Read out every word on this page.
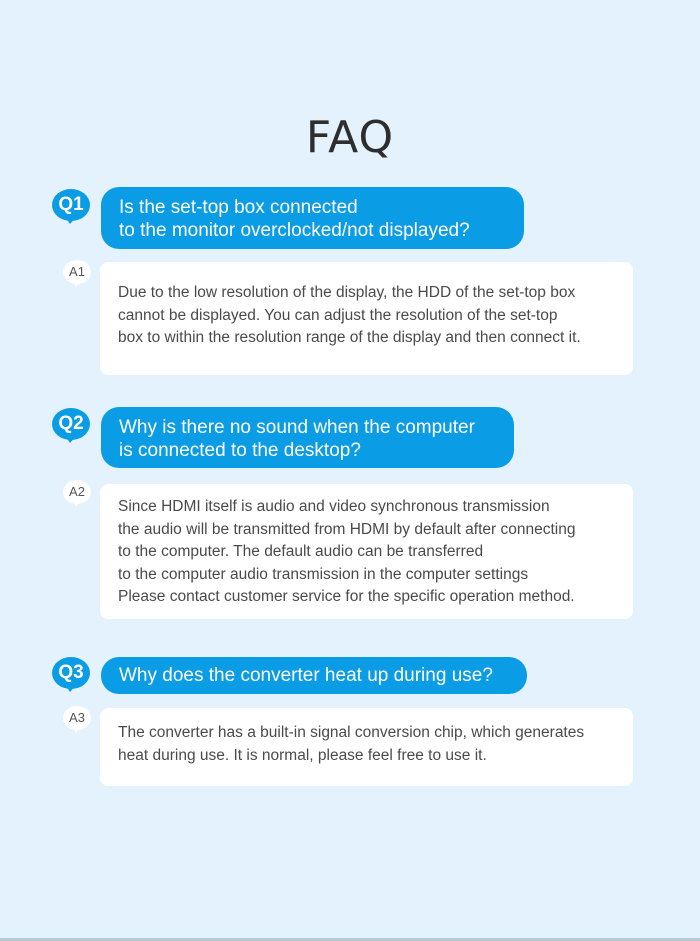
FAQ
Q1	Is the set-top box connected
to the monitor overclocked/not displayed?
A1
Due to the low resolution of the display, the HDD of the set-top box
cannot be displayed. You can adjust the resolution of the set-top
box to within the resolution range of the display and then connect it.
Q2	Why is there no sound when the computer
is connected to the desktop?
A2
Since HDMI itself is audio and video synchronous transmission
the audio will be transmitted from HDMI by default after connecting
to the computer. The default audio can be transferred
to the computer audio transmission in the computer settings
Please contact customer service for the specific operation method.
Q3	Why does the converter heat up during use?
A3
The converter has a built-in signal conversion chip, which generates
heat during use. It is normal, please feel free to use it.
